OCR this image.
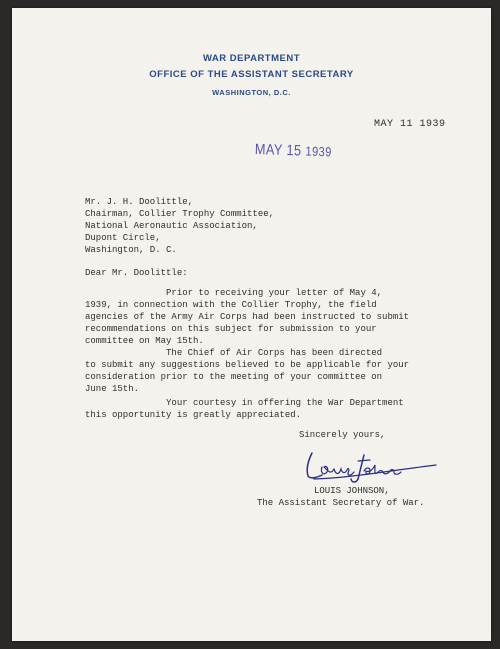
WAR DEPARTMENT
OFFICE OF THE ASSISTANT SECRETARY
WASHINGTON, D.C.
MAY 11 1939
MAY 15 1939
Mr. J. H. Doolittle,
Chairman, Collier Trophy Committee,
National Aeronautic Association,
Dupont Circle,
Washington, D. C.
Dear Mr. Doolittle:
Prior to receiving your letter of May 4,
1939, in connection with the Collier Trophy, the field
agencies of the Army Air Corps had been instructed to submit
recommendations on this subject for submission to your
committee on May 15th.
The Chief of Air Corps has been directed
to submit any suggestions believed to be applicable for your
consideration prior to the meeting of your committee on
June 15th.
Your courtesy in offering the War Department
this opportunity is greatly appreciated.
Sincerely yours,
LOUIS JOHNSON,
The Assistant Secretary of War.
